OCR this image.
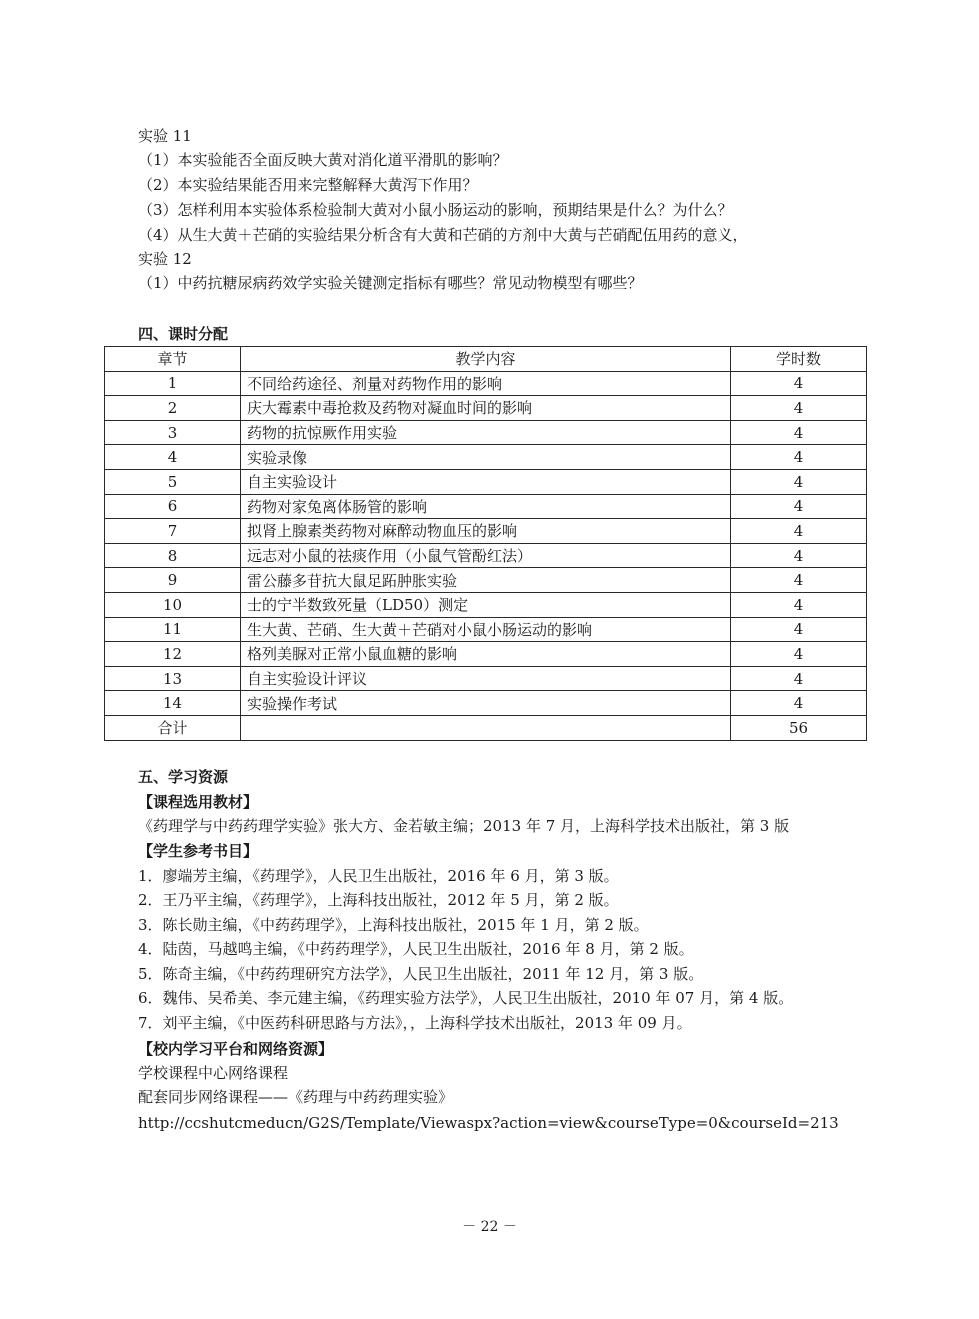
实验 11
（1）本实验能否全面反映大黄对消化道平滑肌的影响？
（2）本实验结果能否用来完整解释大黄泻下作用？
（3）怎样利用本实验体系检验制大黄对小鼠小肠运动的影响，预期结果是什么？为什么？
（4）从生大黄＋芒硝的实验结果分析含有大黄和芒硝的方剂中大黄与芒硝配伍用药的意义，
实验 12
（1）中药抗糖尿病药效学实验关键测定指标有哪些？常见动物模型有哪些？
四、课时分配
章节	教学内容	学时数
1	不同给药途径、剂量对药物作用的影响	4
2	庆大霉素中毒抢救及药物对凝血时间的影响	4
3	药物的抗惊厥作用实验	4
4	实验录像	4
5	自主实验设计	4
6	药物对家兔离体肠管的影响	4
7	拟肾上腺素类药物对麻醉动物血压的影响	4
8	远志对小鼠的祛痰作用（小鼠气管酚红法）	4
9	雷公藤多苷抗大鼠足跖肿胀实验	4
10	士的宁半数致死量（LD50）测定	4
11	生大黄、芒硝、生大黄＋芒硝对小鼠小肠运动的影响	4
12	格列美脲对正常小鼠血糖的影响	4
13	自主实验设计评议	4
14	实验操作考试	4
合计		56
五、学习资源
【课程选用教材】
《药理学与中药药理学实验》张大方、金若敏主编；2013 年 7 月，上海科学技术出版社，第 3 版
【学生参考书目】
1．廖端芳主编，《药理学》，人民卫生出版社，2016 年 6 月，第 3 版。
2．王乃平主编，《药理学》，上海科技出版社，2012 年 5 月，第 2 版。
3．陈长勋主编，《中药药理学》，上海科技出版社，2015 年 1 月，第 2 版。
4．陆茵，马越鸣主编，《中药药理学》，人民卫生出版社，2016 年 8 月，第 2 版。
5．陈奇主编，《中药药理研究方法学》，人民卫生出版社，2011 年 12 月，第 3 版。
6．魏伟、吴希美、李元建主编，《药理实验方法学》，人民卫生出版社，2010 年 07 月，第 4 版。
7．刘平主编，《中医药科研思路与方法》，，上海科学技术出版社，2013 年 09 月。
【校内学习平台和网络资源】
学校课程中心网络课程
配套同步网络课程——《药理与中药药理实验》
http://ccshutcmeducn/G2S/Template/Viewaspx?action=view&courseType=0&courseId=213
－ 22 －
